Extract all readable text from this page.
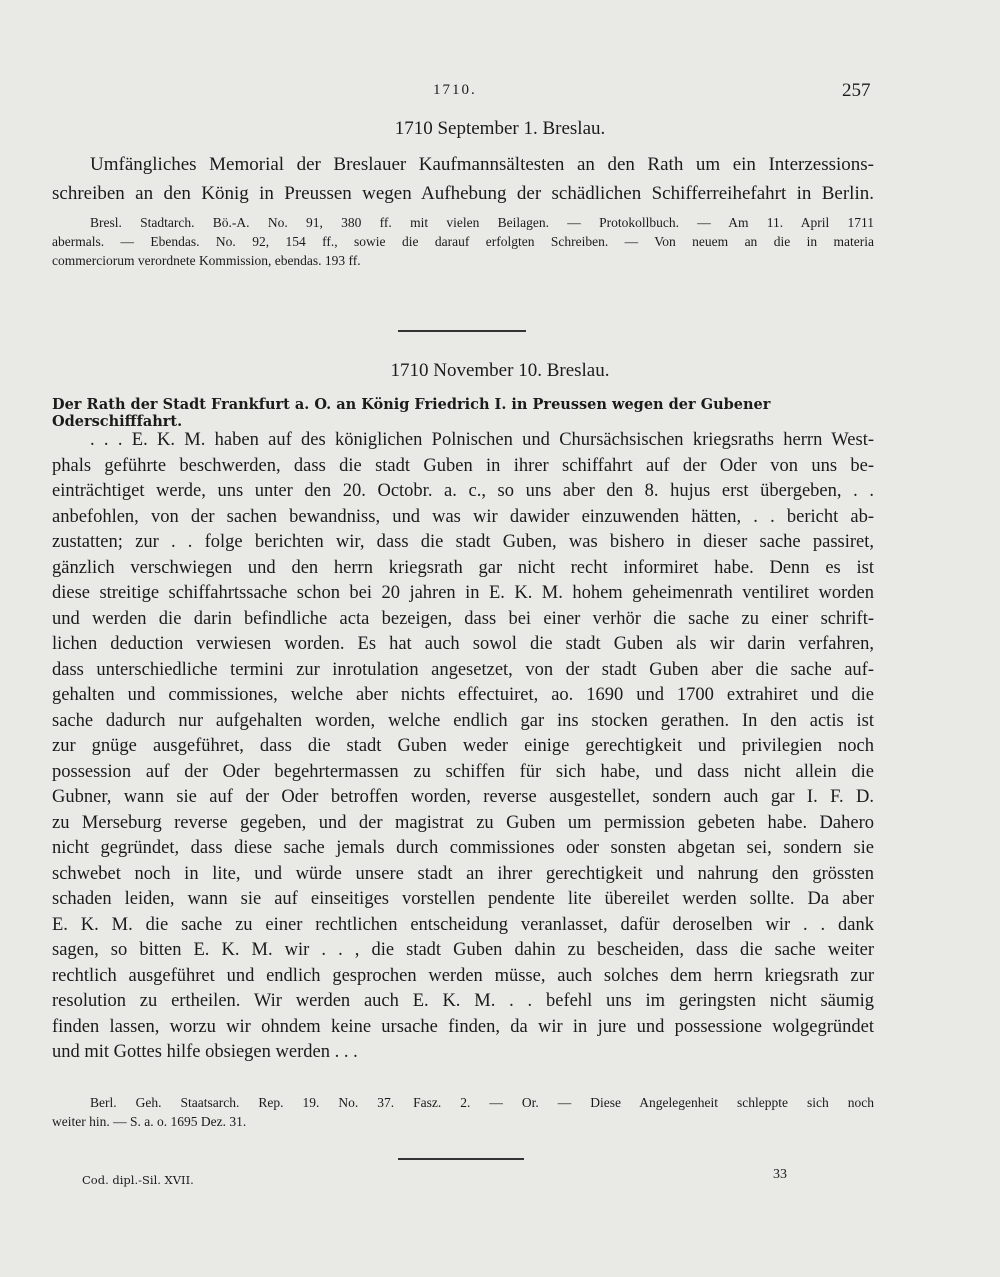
1710.	257
1710 September 1. Breslau.
Umfängliches Memorial der Breslauer Kaufmannsältesten an den Rath um ein Interzessions-
schreiben an den König in Preussen wegen Aufhebung der schädlichen Schifferreihefahrt in Berlin.
Bresl. Stadtarch. Bö.-A. No. 91, 380 ff. mit vielen Beilagen. — Protokollbuch. — Am 11. April 1711
abermals. — Ebendas. No. 92, 154 ff., sowie die darauf erfolgten Schreiben. — Von neuem an die in materia
commerciorum verordnete Kommission, ebendas. 193 ff.
1710 November 10. Breslau.
Der Rath der Stadt Frankfurt a. O. an König Friedrich I. in Preussen wegen der Gubener Oderschifffahrt.
. . . E. K. M. haben auf des königlichen Polnischen und Chursächsischen kriegsraths herrn West-
phals geführte beschwerden, dass die stadt Guben in ihrer schiffahrt auf der Oder von uns be-
einträchtiget werde, uns unter den 20. Octobr. a. c., so uns aber den 8. hujus erst übergeben, . .
anbefohlen, von der sachen bewandniss, und was wir dawider einzuwenden hätten, . . bericht ab-
zustatten; zur . . folge berichten wir, dass die stadt Guben, was bishero in dieser sache passiret,
gänzlich verschwiegen und den herrn kriegsrath gar nicht recht informiret habe. Denn es ist
diese streitige schiffahrtssache schon bei 20 jahren in E. K. M. hohem geheimenrath ventiliret worden
und werden die darin befindliche acta bezeigen, dass bei einer verhör die sache zu einer schrift-
lichen deduction verwiesen worden. Es hat auch sowol die stadt Guben als wir darin verfahren,
dass unterschiedliche termini zur inrotulation angesetzet, von der stadt Guben aber die sache auf-
gehalten und commissiones, welche aber nichts effectuiret, ao. 1690 und 1700 extrahiret und die
sache dadurch nur aufgehalten worden, welche endlich gar ins stocken gerathen. In den actis ist
zur gnüge ausgeführet, dass die stadt Guben weder einige gerechtigkeit und privilegien noch
possession auf der Oder begehrtermassen zu schiffen für sich habe, und dass nicht allein die
Gubner, wann sie auf der Oder betroffen worden, reverse ausgestellet, sondern auch gar I. F. D.
zu Merseburg reverse gegeben, und der magistrat zu Guben um permission gebeten habe. Dahero
nicht gegründet, dass diese sache jemals durch commissiones oder sonsten abgetan sei, sondern sie
schwebet noch in lite, und würde unsere stadt an ihrer gerechtigkeit und nahrung den grössten
schaden leiden, wann sie auf einseitiges vorstellen pendente lite übereilet werden sollte. Da aber
E. K. M. die sache zu einer rechtlichen entscheidung veranlasset, dafür deroselben wir . . dank
sagen, so bitten E. K. M. wir . . , die stadt Guben dahin zu bescheiden, dass die sache weiter
rechtlich ausgeführet und endlich gesprochen werden müsse, auch solches dem herrn kriegsrath zur
resolution zu ertheilen. Wir werden auch E. K. M. . . befehl uns im geringsten nicht säumig
finden lassen, worzu wir ohndem keine ursache finden, da wir in jure und possessione wolgegründet
und mit Gottes hilfe obsiegen werden . . .
Berl. Geh. Staatsarch. Rep. 19. No. 37. Fasz. 2. — Or. — Diese Angelegenheit schleppte sich noch
weiter hin. — S. a. o. 1695 Dez. 31.
Cod. dipl.-Sil. XVII.	33
